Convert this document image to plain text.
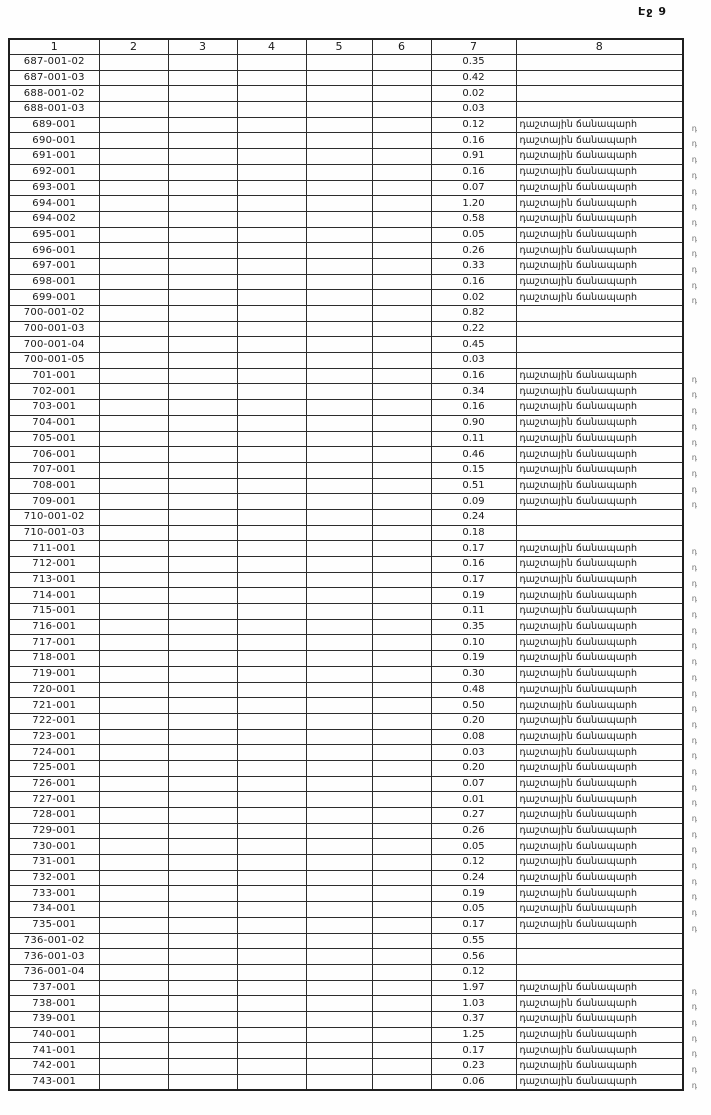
Էջ 9
1	2	3	4	5	6	7	8
687-001-02						0.35	
687-001-03						0.42	
688-001-02						0.02	
688-001-03						0.03	
689-001						0.12	դաշտային ճանապարհ դ

690-001						0.16	դաշտային ճանապարհ դ

691-001						0.91	դաշտային ճանապարհ դ

692-001						0.16	դաշտային ճանապարհ դ

693-001						0.07	դաշտային ճանապարհ դ

694-001						1.20	դաշտային ճանապարհ դ

694-002						0.58	դաշտային ճանապարհ դ

695-001						0.05	դաշտային ճանապարհ դ

696-001						0.26	դաշտային ճանապարհ դ

697-001						0.33	դաշտային ճանապարհ դ

698-001						0.16	դաշտային ճանապարհ դ

699-001						0.02	դաշտային ճանապարհ դ

700-001-02						0.82	
700-001-03						0.22	
700-001-04						0.45	
700-001-05						0.03	
701-001						0.16	դաշտային ճանապարհ դ

702-001						0.34	դաշտային ճանապարհ դ

703-001						0.16	դաշտային ճանապարհ դ

704-001						0.90	դաշտային ճանապարհ դ

705-001						0.11	դաշտային ճանապարհ դ

706-001						0.46	դաշտային ճանապարհ դ

707-001						0.15	դաշտային ճանապարհ դ

708-001						0.51	դաշտային ճանապարհ դ

709-001						0.09	դաշտային ճանապարհ դ

710-001-02						0.24	
710-001-03						0.18	
711-001						0.17	դաշտային ճանապարհ դ

712-001						0.16	դաշտային ճանապարհ դ

713-001						0.17	դաշտային ճանապարհ դ

714-001						0.19	դաշտային ճանապարհ դ

715-001						0.11	դաշտային ճանապարհ դ

716-001						0.35	դաշտային ճանապարհ դ

717-001						0.10	դաշտային ճանապարհ դ

718-001						0.19	դաշտային ճանապարհ դ

719-001						0.30	դաշտային ճանապարհ դ

720-001						0.48	դաշտային ճանապարհ դ

721-001						0.50	դաշտային ճանապարհ դ

722-001						0.20	դաշտային ճանապարհ դ

723-001						0.08	դաշտային ճանապարհ դ

724-001						0.03	դաշտային ճանապարհ դ

725-001						0.20	դաշտային ճանապարհ դ

726-001						0.07	դաշտային ճանապարհ դ

727-001						0.01	դաշտային ճանապարհ դ

728-001						0.27	դաշտային ճանապարհ դ

729-001						0.26	դաշտային ճանապարհ դ

730-001						0.05	դաշտային ճանապարհ դ

731-001						0.12	դաշտային ճանապարհ դ

732-001						0.24	դաշտային ճանապարհ դ

733-001						0.19	դաշտային ճանապարհ դ

734-001						0.05	դաշտային ճանապարհ դ

735-001						0.17	դաշտային ճանապարհ դ

736-001-02						0.55	
736-001-03						0.56	
736-001-04						0.12	
737-001						1.97	դաշտային ճանապարհ դ

738-001						1.03	դաշտային ճանապարհ դ

739-001						0.37	դաշտային ճանապարհ դ

740-001						1.25	դաշտային ճանապարհ դ

741-001						0.17	դաշտային ճանապարհ դ

742-001						0.23	դաշտային ճանապարհ դ

743-001						0.06	դաշտային ճանապարհ դ
